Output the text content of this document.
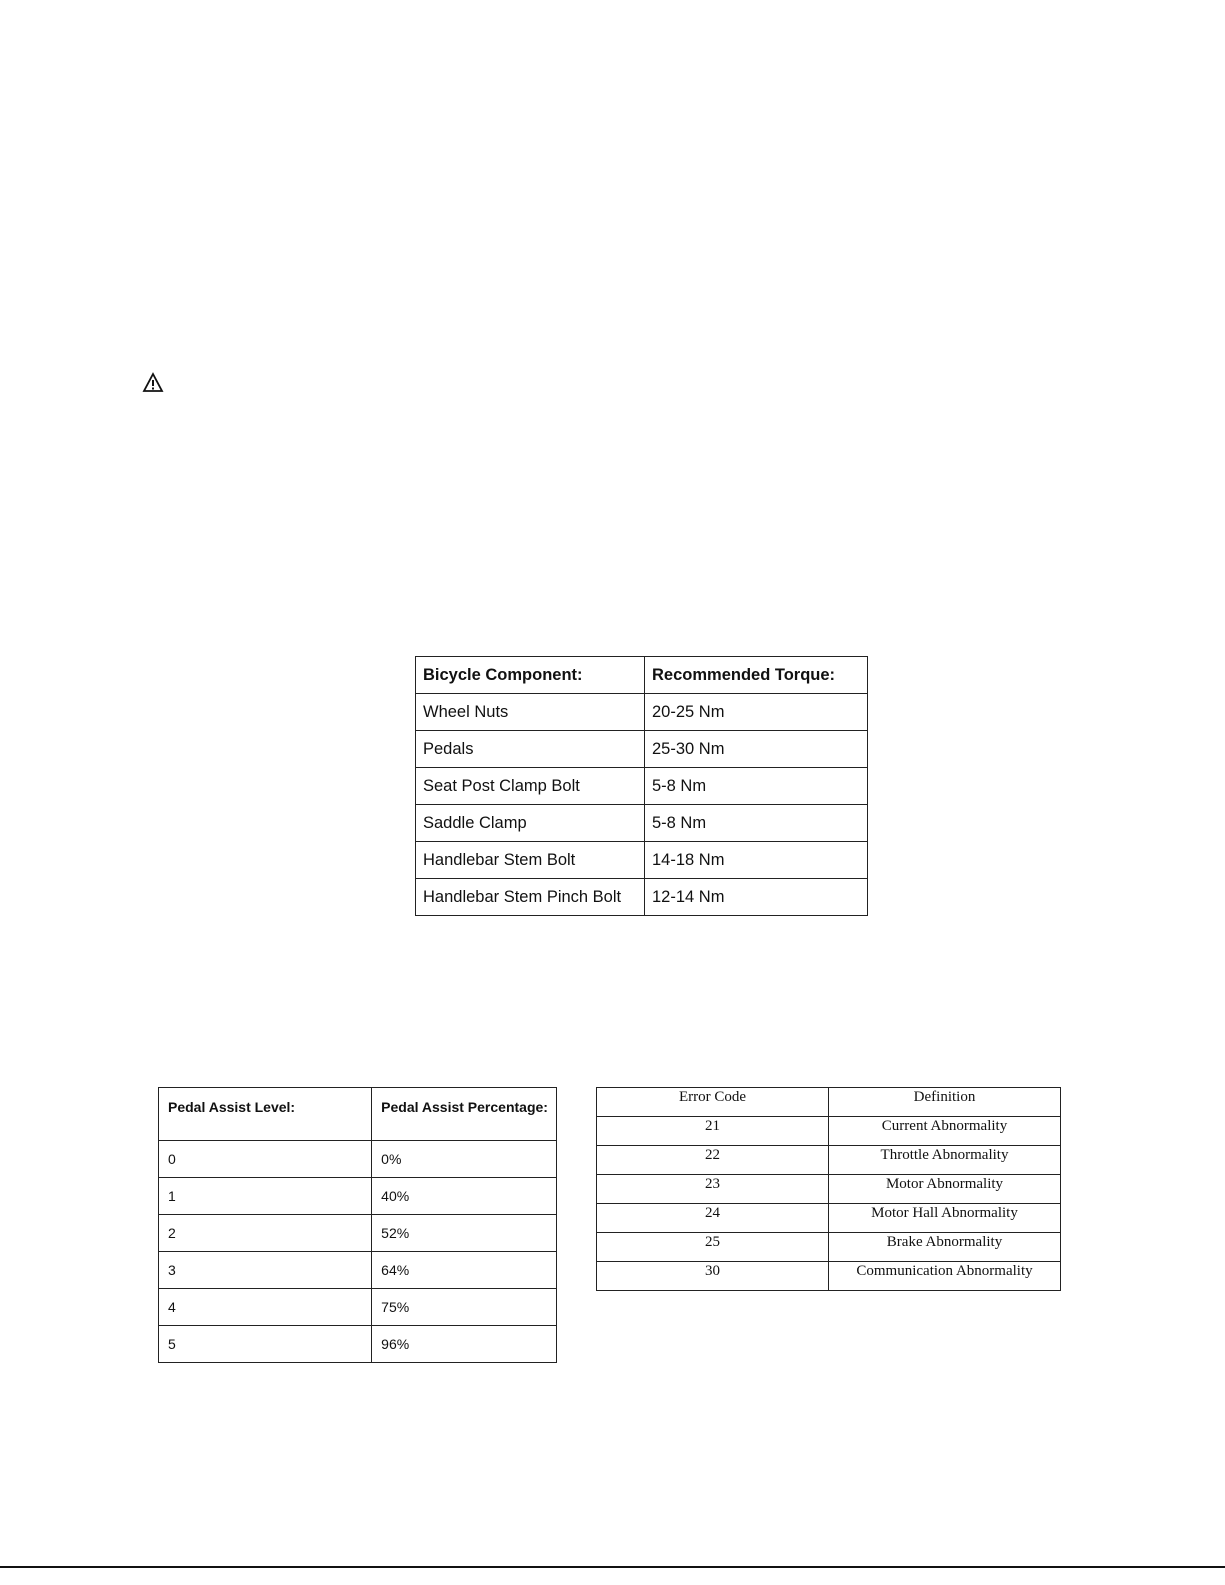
Bicycle Component:	Recommended Torque:
Wheel Nuts	20-25 Nm
Pedals	25-30 Nm
Seat Post Clamp Bolt	5-8 Nm
Saddle Clamp	5-8 Nm
Handlebar Stem Bolt	14-18 Nm
Handlebar Stem Pinch Bolt	12-14 Nm
Pedal Assist Level:	Pedal Assist Percentage:
0	0%
1	40%
2	52%
3	64%
4	75%
5	96%
Error Code	Definition
21	Current Abnormality
22	Throttle Abnormality
23	Motor Abnormality
24	Motor Hall Abnormality
25	Brake Abnormality
30	Communication Abnormality
